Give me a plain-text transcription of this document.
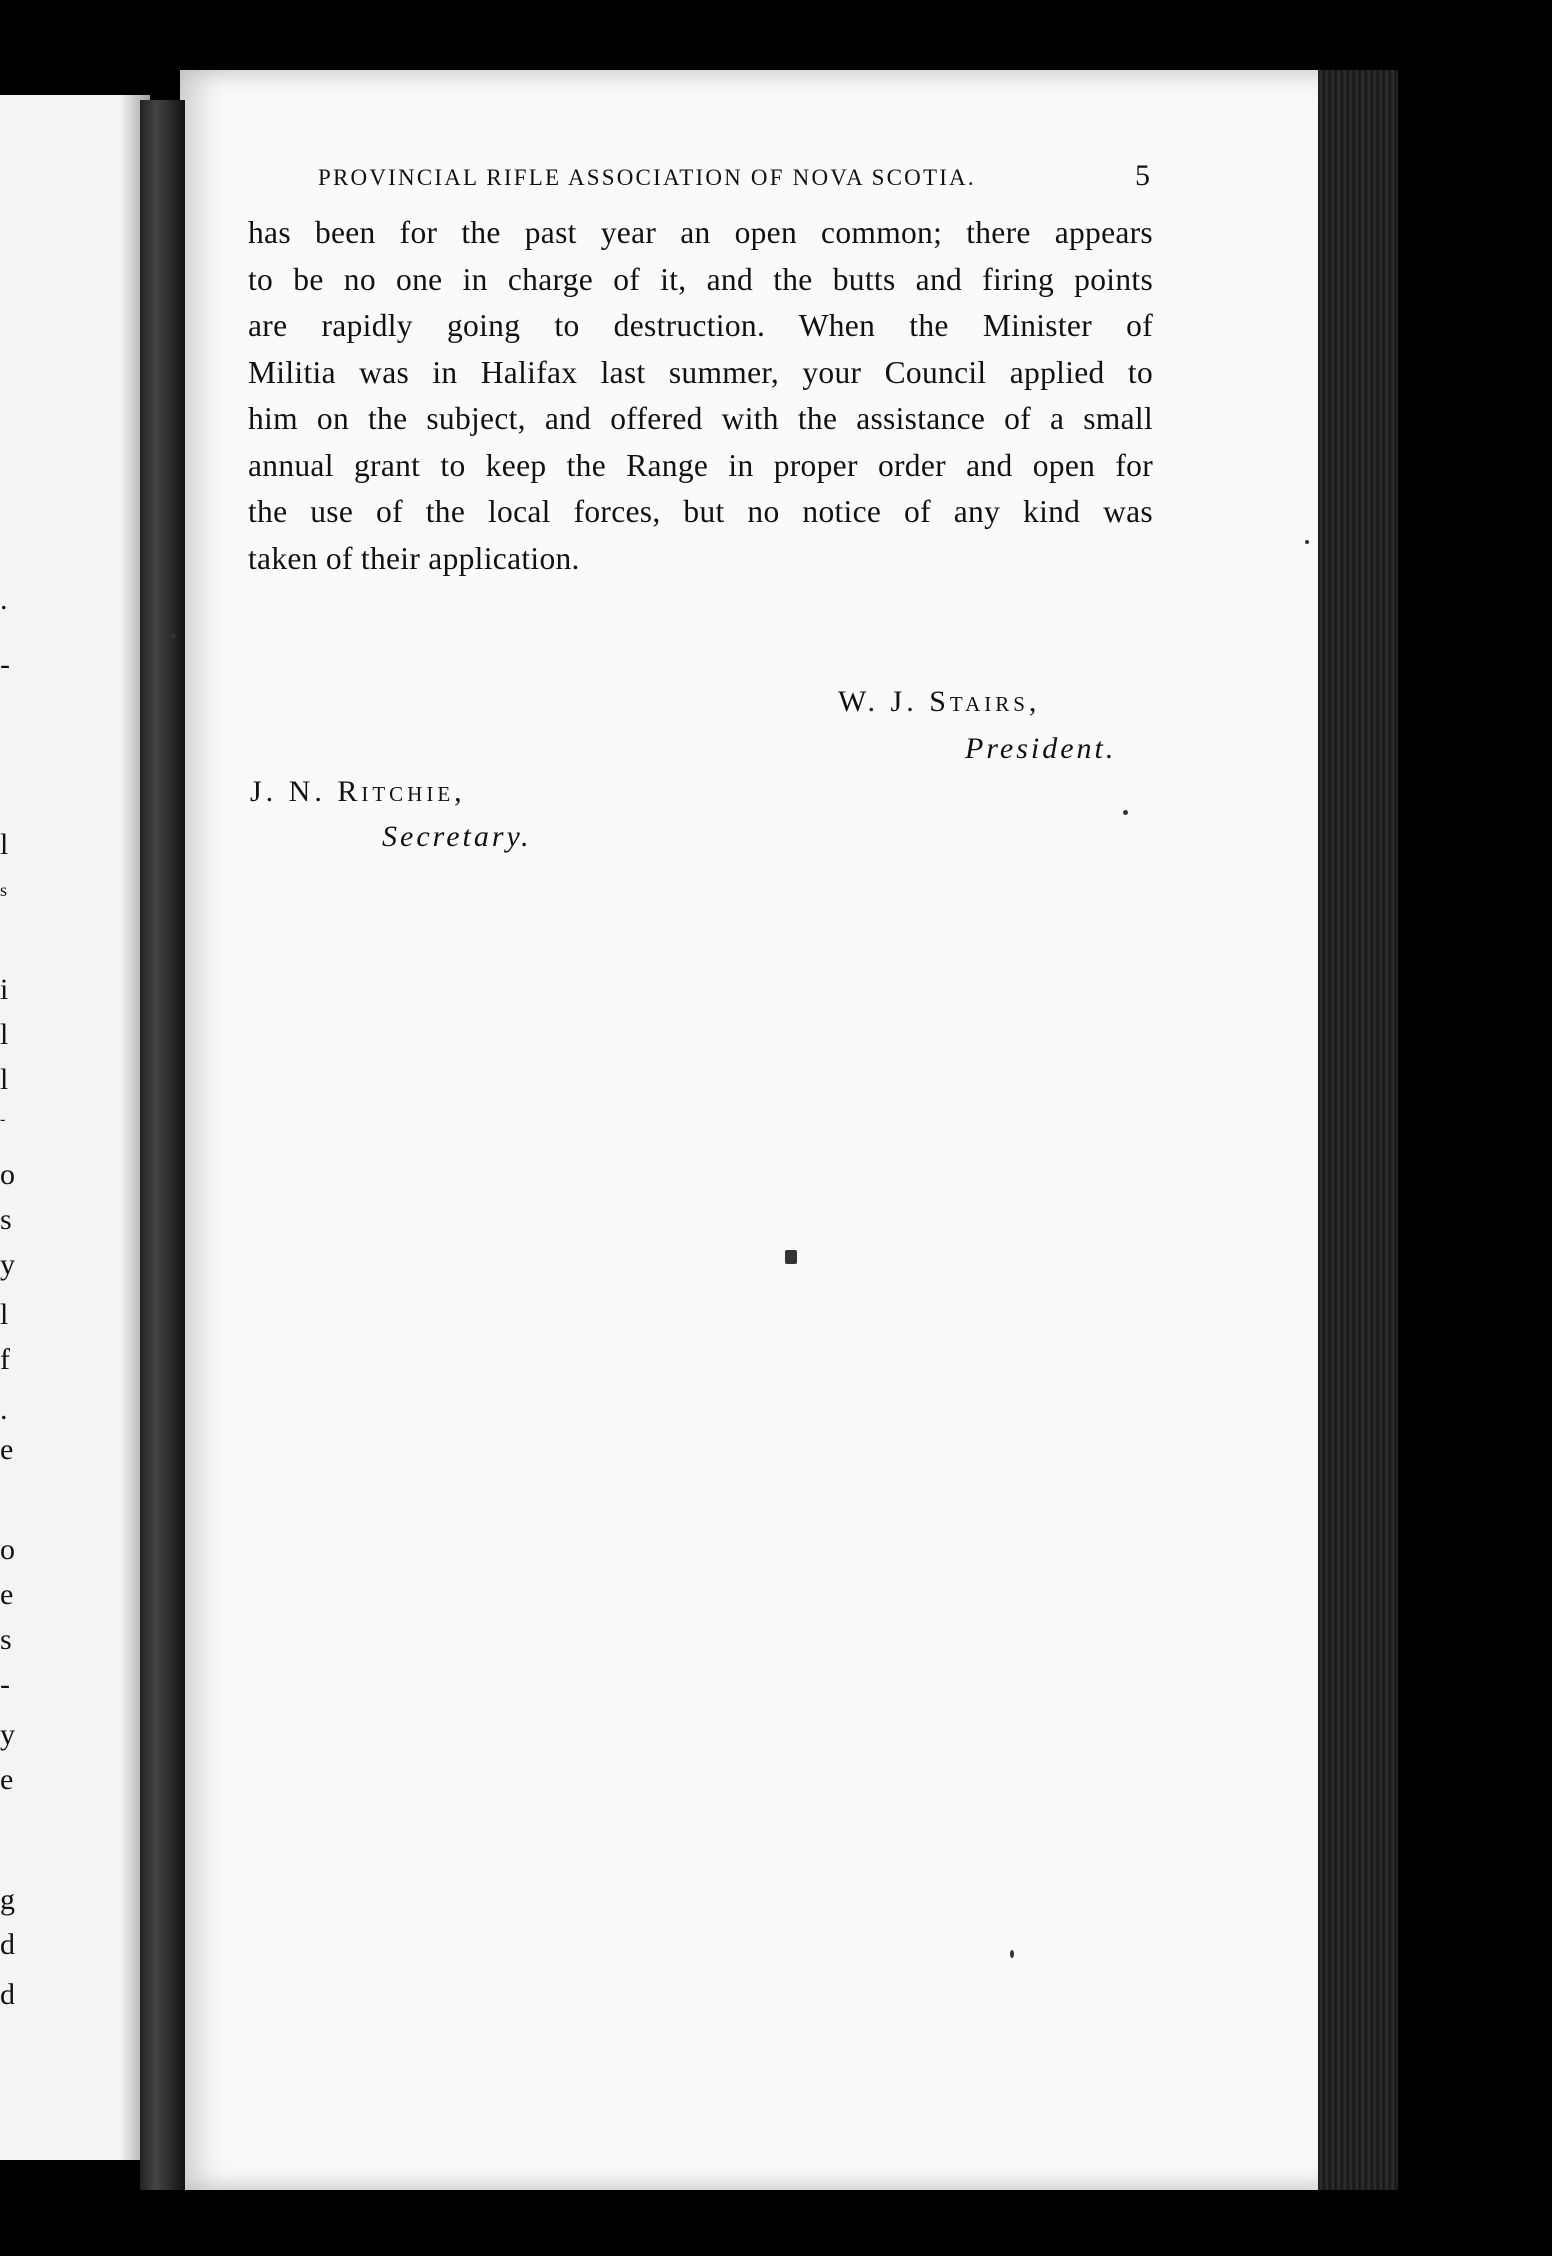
.
-
l
s
i
l
l
-
o
s
y
l
f
.
e
o
e
s
-
y
e
g
d
d
PROVINCIAL RIFLE ASSOCIATION OF NOVA SCOTIA.	5
has been for the past year an open common; there appears
to be no one in charge of it, and the butts and firing points
are rapidly going to destruction. When the Minister of
Militia was in Halifax last summer, your Council applied to
him on the subject, and offered with the assistance of a small
annual grant to keep the Range in proper order and open for
the use of the local forces, but no notice of any kind was
taken of their application.
W. J. Stairs,
President.
J. N. Ritchie,
Secretary.
